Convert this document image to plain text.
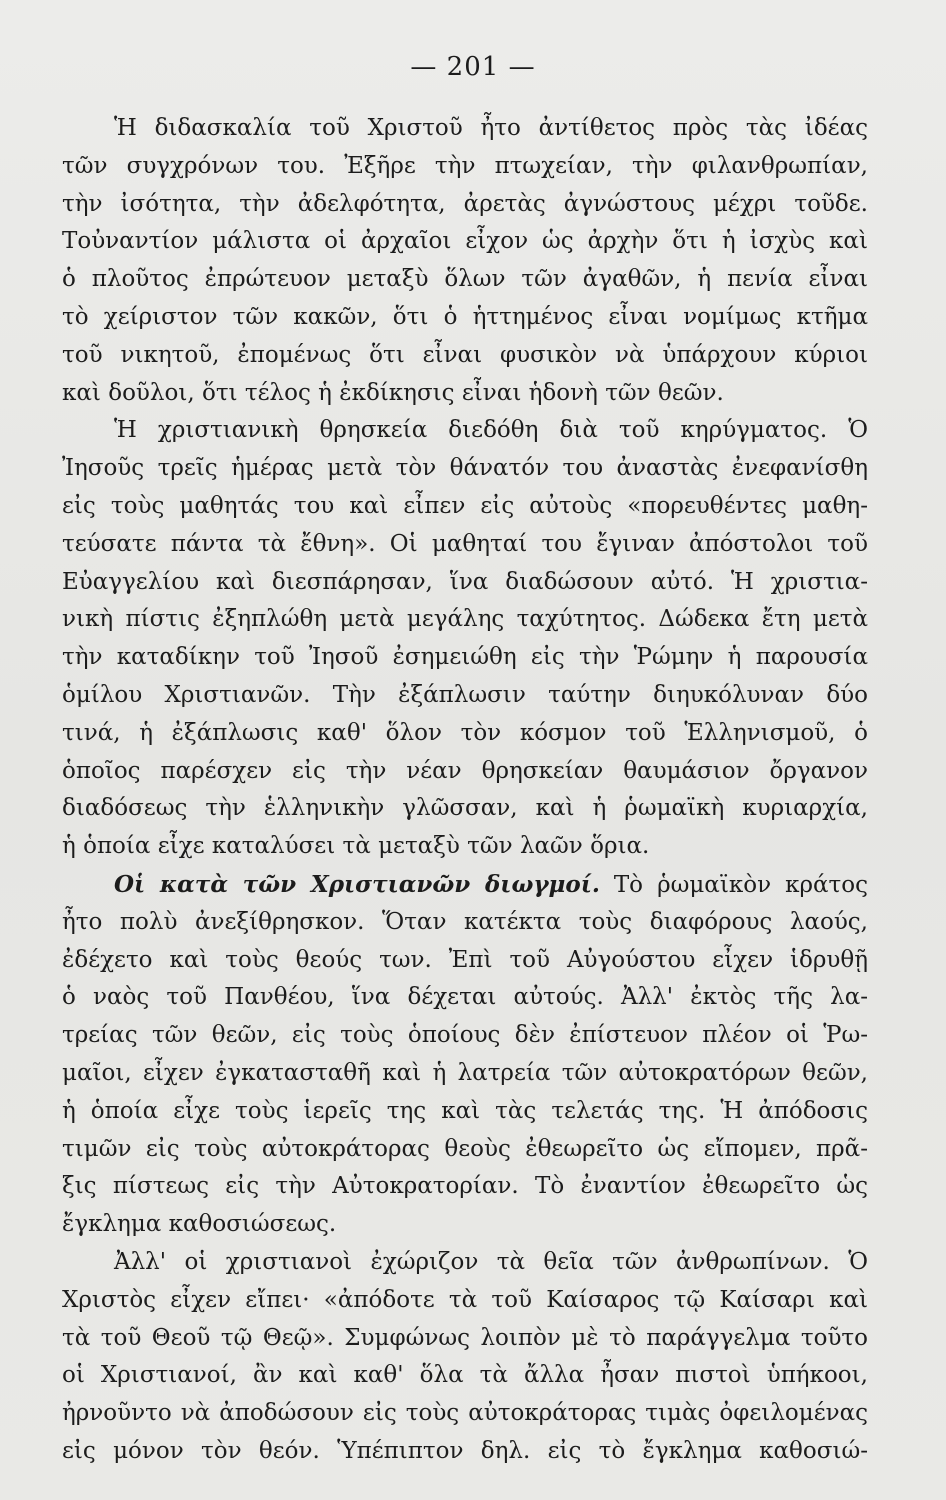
— 201 —
Ἡ διδασκαλία τοῦ Χριστοῦ ἦτο ἀντίθετος πρὸς τὰς ἰδέας
τῶν συγχρόνων του. Ἐξῆρε τὴν πτωχείαν, τὴν φιλανθρωπίαν,
τὴν ἰσότητα, τὴν ἀδελφότητα, ἀρετὰς ἀγνώστους μέχρι τοῦδε.
Τοὐναντίον μάλιστα οἱ ἀρχαῖοι εἶχον ὡς ἀρχὴν ὅτι ἡ ἰσχὺς καὶ
ὁ πλοῦτος ἐπρώτευον μεταξὺ ὅλων τῶν ἀγαθῶν, ἡ πενία εἶναι
τὸ χείριστον τῶν κακῶν, ὅτι ὁ ἡττημένος εἶναι νομίμως κτῆμα
τοῦ νικητοῦ, ἐπομένως ὅτι εἶναι φυσικὸν νὰ ὑπάρχουν κύριοι
καὶ δοῦλοι, ὅτι τέλος ἡ ἐκδίκησις εἶναι ἡδονὴ τῶν θεῶν.
Ἡ χριστιανικὴ θρησκεία διεδόθη διὰ τοῦ κηρύγματος. Ὁ
Ἰησοῦς τρεῖς ἡμέρας μετὰ τὸν θάνατόν του ἀναστὰς ἐνεφανίσθη
εἰς τοὺς μαθητάς του καὶ εἶπεν εἰς αὐτοὺς «πορευθέντες μαθη-
τεύσατε πάντα τὰ ἔθνη». Οἱ μαθηταί του ἔγιναν ἀπόστολοι τοῦ
Εὐαγγελίου καὶ διεσπάρησαν, ἵνα διαδώσουν αὐτό. Ἡ χριστια-
νικὴ πίστις ἐξηπλώθη μετὰ μεγάλης ταχύτητος. Δώδεκα ἔτη μετὰ
τὴν καταδίκην τοῦ Ἰησοῦ ἐσημειώθη εἰς τὴν Ῥώμην ἡ παρουσία
ὁμίλου Χριστιανῶν. Τὴν ἐξάπλωσιν ταύτην διηυκόλυναν δύο
τινά, ἡ ἐξάπλωσις καθ' ὅλον τὸν κόσμον τοῦ Ἑλληνισμοῦ, ὁ
ὁποῖος παρέσχεν εἰς τὴν νέαν θρησκείαν θαυμάσιον ὄργανον
διαδόσεως τὴν ἑλληνικὴν γλῶσσαν, καὶ ἡ ῥωμαϊκὴ κυριαρχία,
ἡ ὁποία εἶχε καταλύσει τὰ μεταξὺ τῶν λαῶν ὅρια.
Οἱ κατὰ τῶν Χριστιανῶν διωγμοί. Τὸ ῥωμαϊκὸν κράτος
ἦτο πολὺ ἀνεξίθρησκον. Ὅταν κατέκτα τοὺς διαφόρους λαούς,
ἐδέχετο καὶ τοὺς θεούς των. Ἐπὶ τοῦ Αὐγούστου εἶχεν ἱδρυθῇ
ὁ ναὸς τοῦ Πανθέου, ἵνα δέχεται αὐτούς. Ἀλλ' ἐκτὸς τῆς λα-
τρείας τῶν θεῶν, εἰς τοὺς ὁποίους δὲν ἐπίστευον πλέον οἱ Ῥω-
μαῖοι, εἶχεν ἐγκατασταθῆ καὶ ἡ λατρεία τῶν αὐτοκρατόρων θεῶν,
ἡ ὁποία εἶχε τοὺς ἱερεῖς της καὶ τὰς τελετάς της. Ἡ ἀπόδοσις
τιμῶν εἰς τοὺς αὐτοκράτορας θεοὺς ἐθεωρεῖτο ὡς εἴπομεν, πρᾶ-
ξις πίστεως εἰς τὴν Αὐτοκρατορίαν. Τὸ ἐναντίον ἐθεωρεῖτο ὡς
ἔγκλημα καθοσιώσεως.
Ἀλλ' οἱ χριστιανοὶ ἐχώριζον τὰ θεῖα τῶν ἀνθρωπίνων. Ὁ
Χριστὸς εἶχεν εἴπει· «ἀπόδοτε τὰ τοῦ Καίσαρος τῷ Καίσαρι καὶ
τὰ τοῦ Θεοῦ τῷ Θεῷ». Συμφώνως λοιπὸν μὲ τὸ παράγγελμα τοῦτο
οἱ Χριστιανοί, ἂν καὶ καθ' ὅλα τὰ ἄλλα ἦσαν πιστοὶ ὑπήκοοι,
ἠρνοῦντο νὰ ἀποδώσουν εἰς τοὺς αὐτοκράτορας τιμὰς ὀφειλομένας
εἰς μόνον τὸν θεόν. Ὑπέπιπτον δηλ. εἰς τὸ ἔγκλημα καθοσιώ-
